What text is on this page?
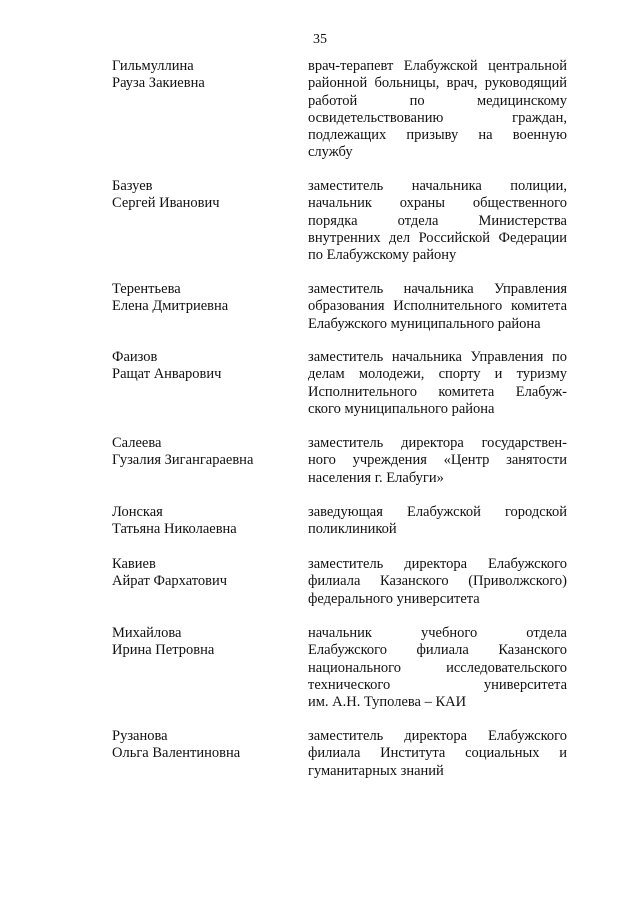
35
Гильмуллина
Рауза Закиевна
врач-терапевт Елабужской центральной
районной больницы, врач, руководящий
работой по медицинскому
освидетельствованию граждан,
подлежащих призыву на военную
службу
Базуев
Сергей Иванович
заместитель начальника полиции,
начальник охраны общественного
порядка отдела Министерства
внутренних дел Российской Федерации
по Елабужскому району
Терентьева
Елена Дмитриевна
заместитель начальника Управления
образования Исполнительного комитета
Елабужского муниципального района
Фаизов
Ращат Анварович
заместитель начальника Управления по
делам молодежи, спорту и туризму
Исполнительного комитета Елабуж-
ского муниципального района
Салеева
Гузалия Зигангараевна
заместитель директора государствен-
ного учреждения «Центр занятости
населения г. Елабуги»
Лонская
Татьяна Николаевна
заведующая Елабужской городской
поликлиникой
Кавиев
Айрат Фархатович
заместитель директора Елабужского
филиала Казанского (Приволжского)
федерального университета
Михайлова
Ирина Петровна
начальник учебного отдела
Елабужского филиала Казанского
национального исследовательского
технического университета
им. А.Н. Туполева – КАИ
Рузанова
Ольга Валентиновна
заместитель директора Елабужского
филиала Института социальных и
гуманитарных знаний
